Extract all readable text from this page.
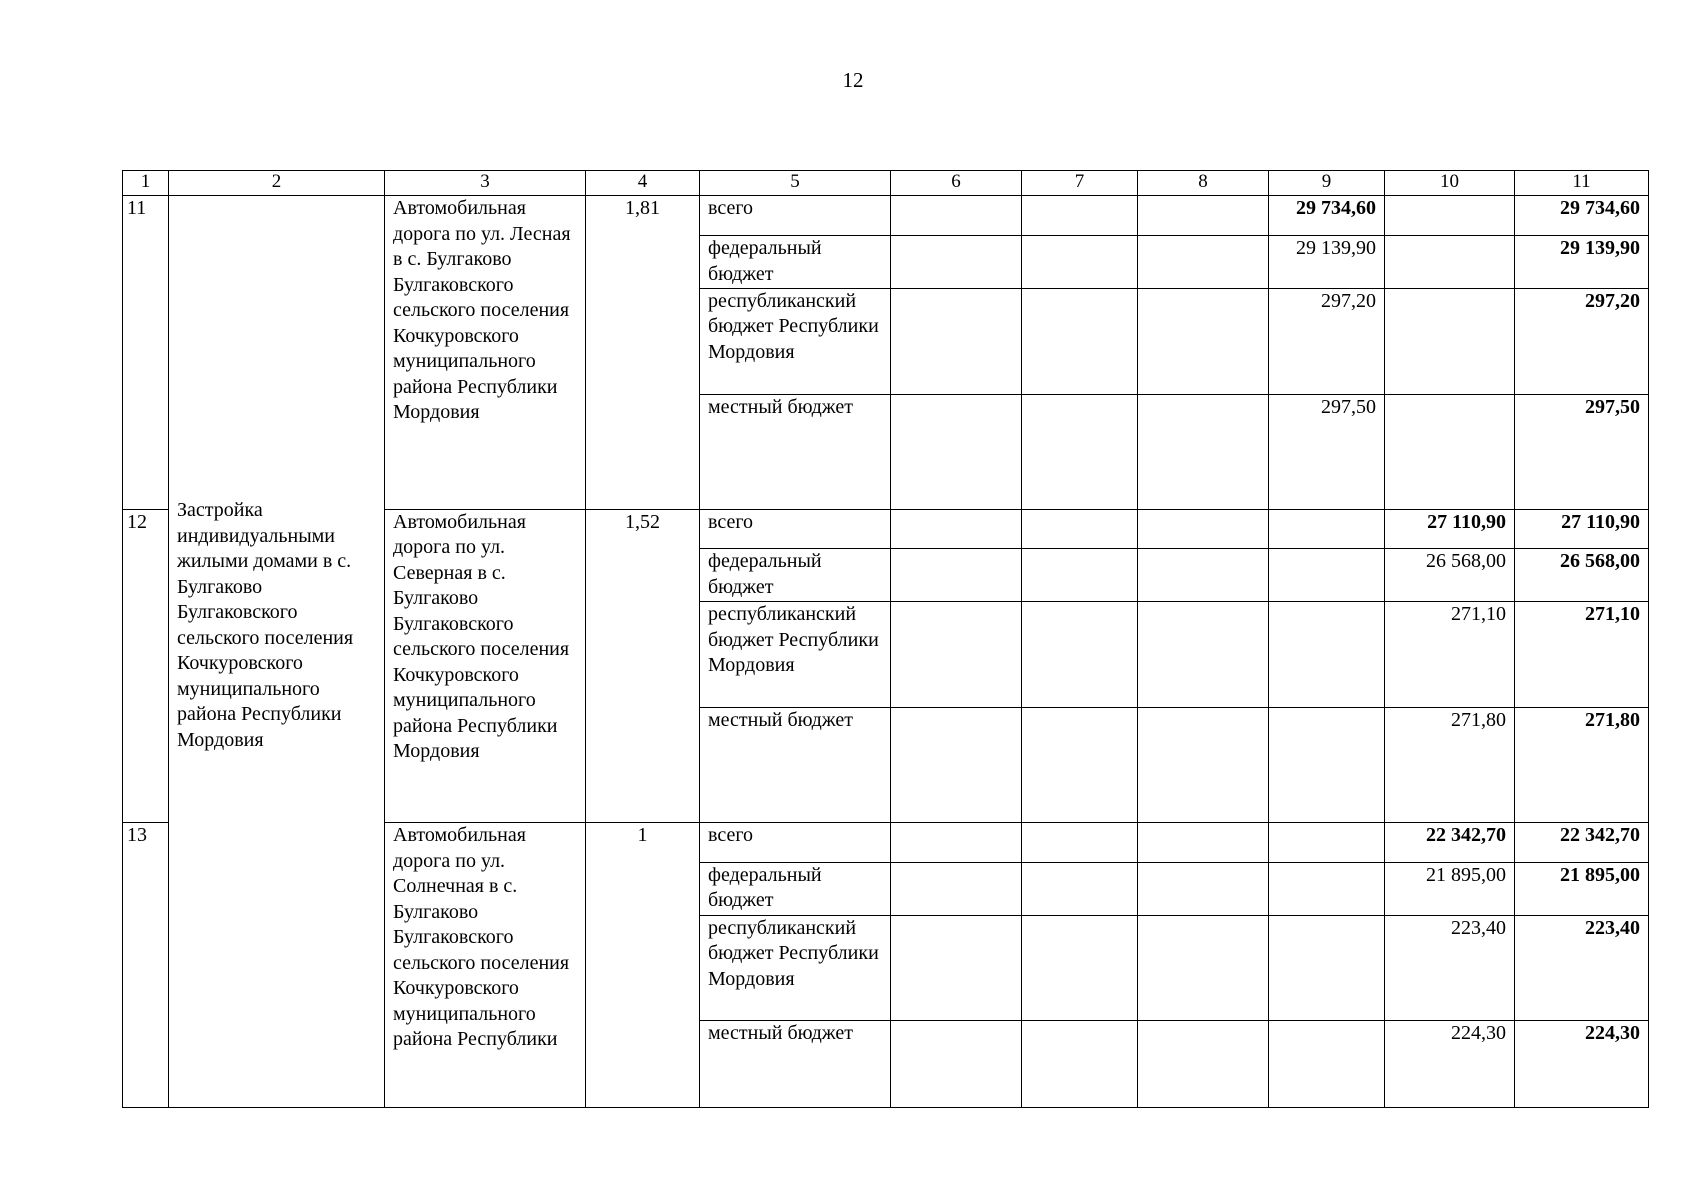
12
1	2	3	4	5	6	7	8	9	10	11
11	Застройка индивидуальными жилыми домами в с. Булгаково Булгаковского сельского поселения Кочкуровского муниципального района Республики Мордовия	Автомобильная дорога по ул. Лесная в с. Булгаково Булгаковского сельского поселения Кочкуровского муниципального района Республики Мордовия	1,81	всего				29 734,60		29 734,60
				федеральный бюджет				29 139,90		29 139,90
				республиканский бюджет Республики Мордовия				297,20		297,20
				местный бюджет				297,50		297,50
12		Автомобильная дорога по ул. Северная в с. Булгаково Булгаковского сельского поселения Кочкуровского муниципального района Республики Мордовия	1,52	всего					27 110,90	27 110,90
				федеральный бюджет					26 568,00	26 568,00
				республиканский бюджет Республики Мордовия					271,10	271,10
				местный бюджет					271,80	271,80
13		Автомобильная дорога по ул. Солнечная в с. Булгаково Булгаковского сельского поселения Кочкуровского муниципального района Республики	1	всего					22 342,70	22 342,70
				федеральный бюджет					21 895,00	21 895,00
				республиканский бюджет Республики Мордовия					223,40	223,40
				местный бюджет					224,30	224,30
